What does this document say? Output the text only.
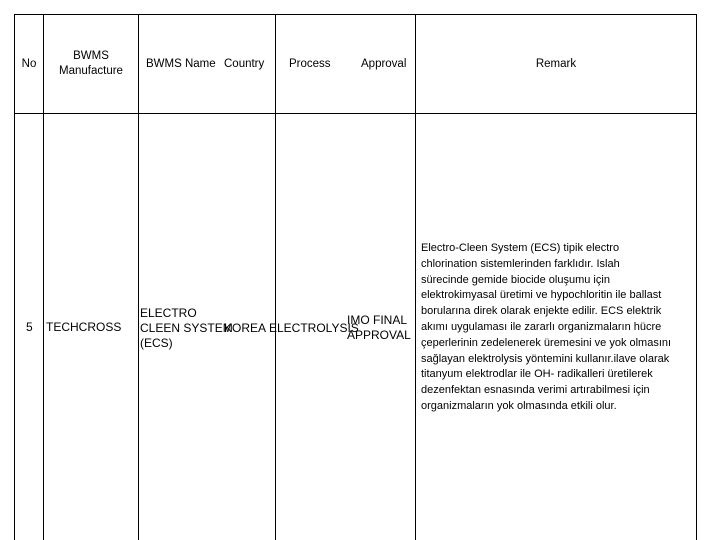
No
BWMS
Manufacture
BWMS Name Country Process	Approval	Remark
5 TECHCROSS
ELECTRO
CLEEN SYSTEM
(ECS)
KOREA ELECTROLYSIS
IMO FINAL
APPROVAL
Electro-Cleen System (ECS) tipik electro
chlorination sistemlerinden farklıdır. Islah
sürecinde gemide biocide oluşumu için
elektrokimyasal üretimi ve hypochloritin ile ballast
borularına direk olarak enjekte edilir. ECS elektrik
akımı uygulaması ile zararlı organizmaların hücre
çeperlerinin zedelenerek üremesini ve yok olmasını
sağlayan elektrolysis yöntemini kullanır.ilave olarak
titanyum elektrodlar ile OH- radikalleri üretilerek
dezenfektan esnasında verimi artırabilmesi için
organizmaların yok olmasında etkili olur.
